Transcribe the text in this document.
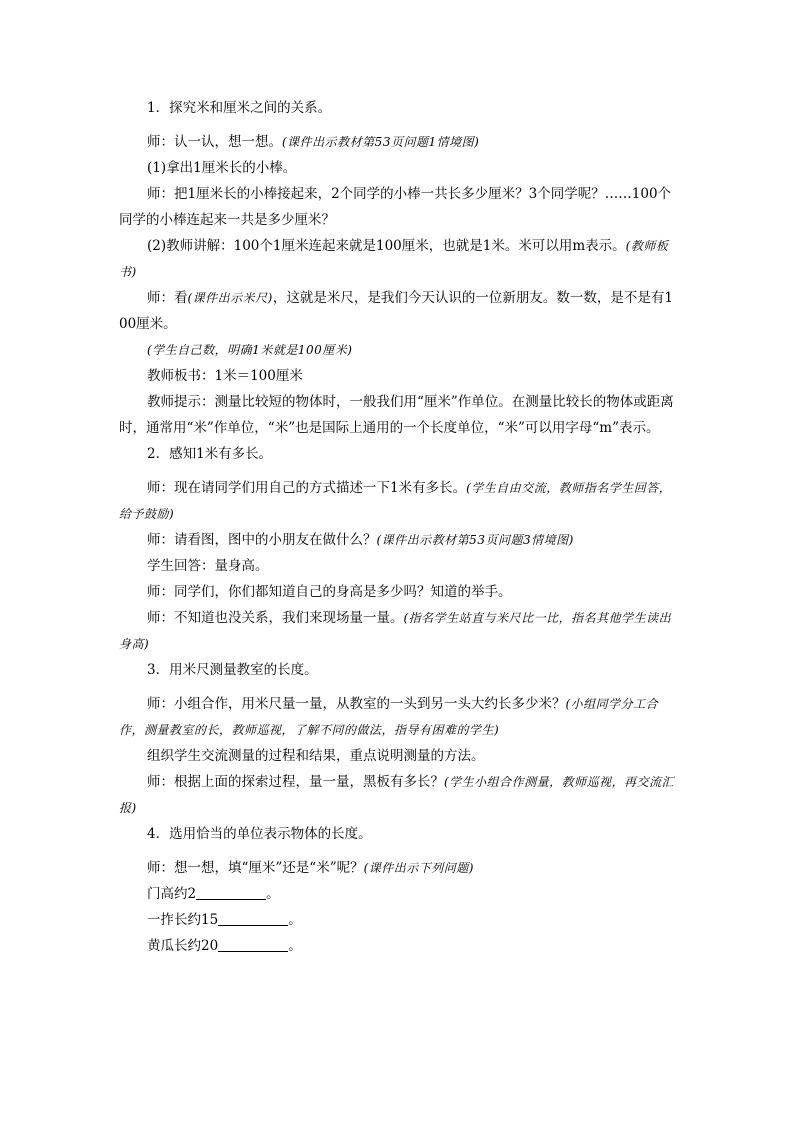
1．探究米和厘米之间的关系。

师：认一认，想一想。(课件出示教材第53页问题1情境图)

(1)拿出1厘米长的小棒。

师：把1厘米长的小棒接起来，2个同学的小棒一共长多少厘米？3个同学呢？……100个同学的小棒连起来一共是多少厘米？

(2)教师讲解：100个1厘米连起来就是100厘米，也就是1米。米可以用m表示。(教师板书)

师：看(课件出示米尺)，这就是米尺，是我们今天认识的一位新朋友。数一数，是不是有100厘米。

(学生自己数，明确1米就是100厘米)

教师板书：1米＝100厘米

教师提示：测量比较短的物体时，一般我们用“厘米”作单位。在测量比较长的物体或距离时，通常用“米”作单位，“米”也是国际上通用的一个长度单位，“米”可以用字母“m”表示。

2．感知1米有多长。

师：现在请同学们用自己的方式描述一下1米有多长。(学生自由交流，教师指名学生回答，给予鼓励)

师：请看图，图中的小朋友在做什么？(课件出示教材第53页问题3情境图)

学生回答：量身高。

师：同学们，你们都知道自己的身高是多少吗？知道的举手。

师：不知道也没关系，我们来现场量一量。(指名学生站直与米尺比一比，指名其他学生读出身高)

3．用米尺测量教室的长度。

师：小组合作，用米尺量一量，从教室的一头到另一头大约长多少米？(小组同学分工合作，测量教室的长，教师巡视，了解不同的做法，指导有困难的学生)

组织学生交流测量的过程和结果，重点说明测量的方法。

师：根据上面的探索过程，量一量，黑板有多长？(学生小组合作测量，教师巡视，再交流汇报)

4．选用恰当的单位表示物体的长度。

师：想一想，填“厘米”还是“米”呢？(课件出示下列问题)

门高约2	。

一拃长约15	。

黄瓜长约20	。
